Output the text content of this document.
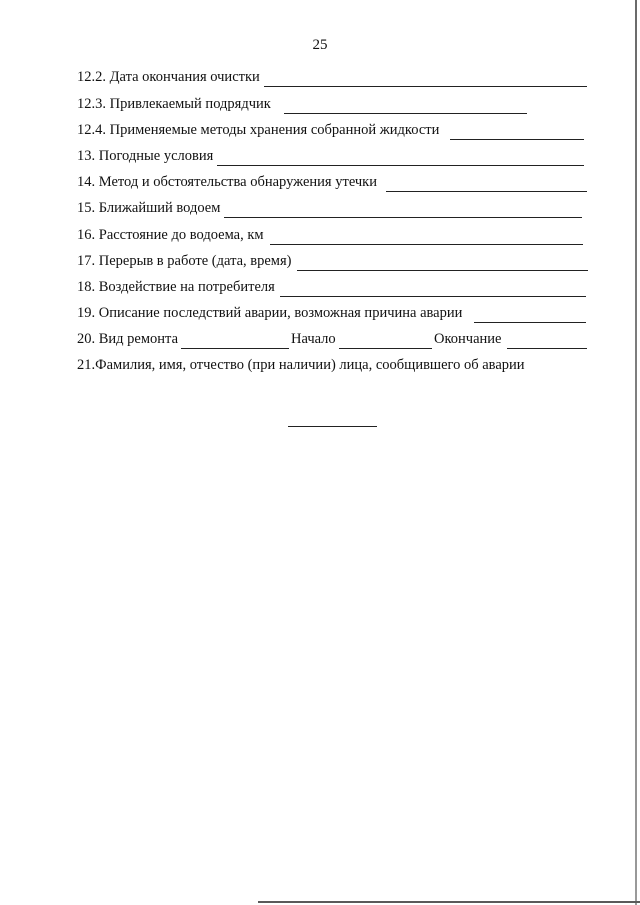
25
12.2. Дата окончания очистки
12.3. Привлекаемый подрядчик
12.4. Применяемые методы хранения собранной жидкости
13. Погодные условия
14. Метод и обстоятельства обнаружения утечки
15. Ближайший водоем
16. Расстояние до водоема, км
17. Перерыв в работе (дата, время)
18. Воздействие на потребителя
19. Описание последствий аварии, возможная причина аварии
20. Вид ремонта	Начало	Окончание
21.Фамилия, имя, отчество (при наличии) лица, сообщившего об аварии
